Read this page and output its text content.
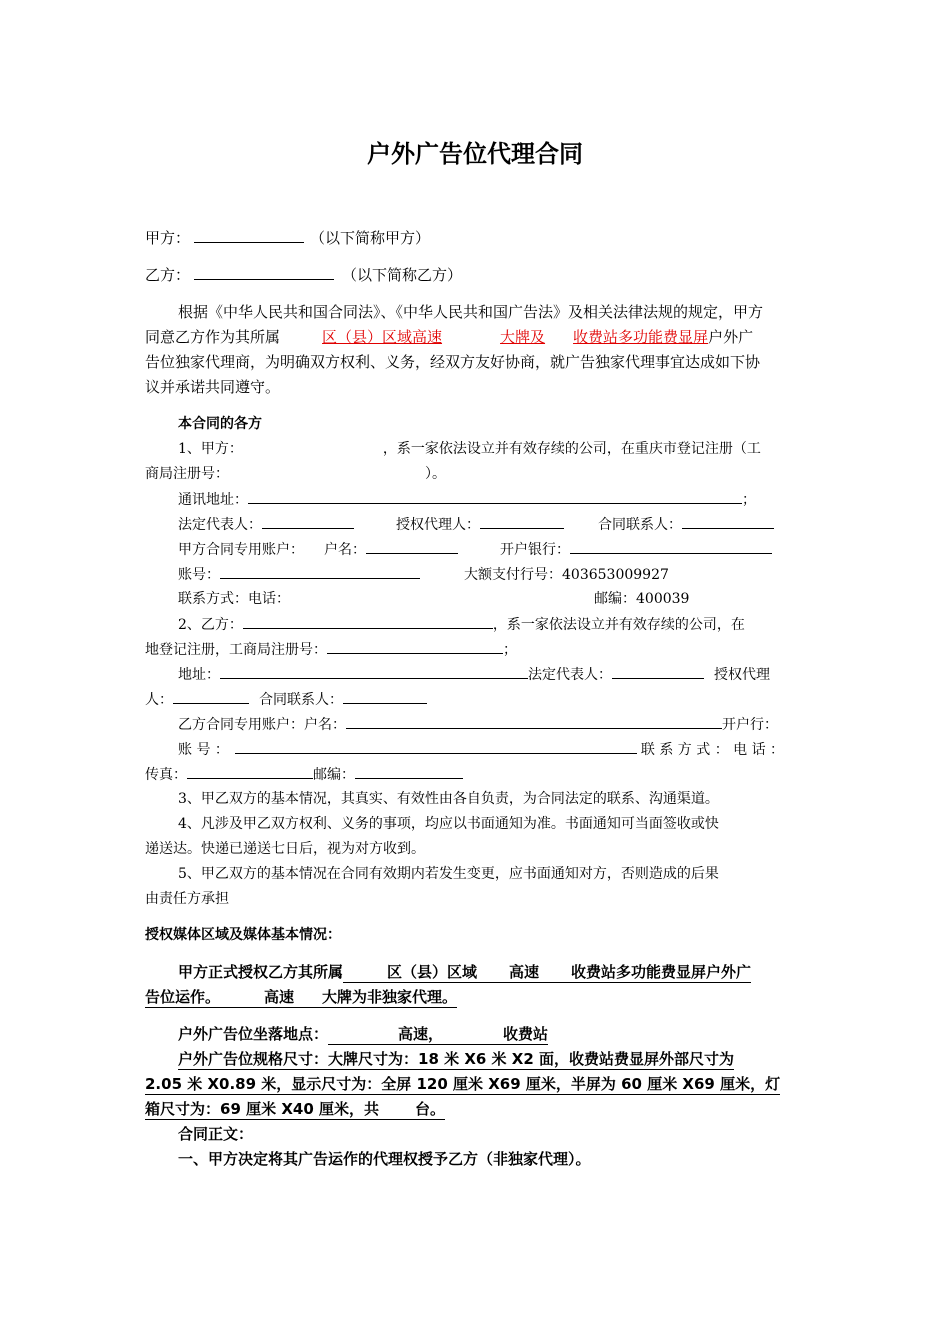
户外广告位代理合同
甲方：	（以下简称甲方）
乙方：	（以下简称乙方）
根据《中华人民共和国合同法》、《中华人民共和国广告法》及相关法律法规的规定，甲方
同意乙方作为其所属	区（县）区域高速	大牌及 收费站多功能费显屏户外广
告位独家代理商，为明确双方权利、义务，经双方友好协商，就广告独家代理事宜达成如下协
议并承诺共同遵守。
本合同的各方
1、甲方：	，系一家依法设立并有效存续的公司，在重庆市登记注册（工
商局注册号：	）。
通讯地址：	；
法定代表人：	授权代理人：	合同联系人：
甲方合同专用账户： 户名：	开户银行：
账号：	大额支付行号：403653009927
联系方式：电话：	邮编：400039
2、乙方：	，系一家依法设立并有效存续的公司，在
地登记注册，工商局注册号：	；
地址：	法定代表人：	授权代理
人：	合同联系人：
乙方合同专用账户：户名：	开户行：
账 号 ：	联 系 方 式 ： 电 话 ：
传真：	邮编：
3、甲乙双方的基本情况，其真实、有效性由各自负责，为合同法定的联系、沟通渠道。
4、凡涉及甲乙双方权利、义务的事项，均应以书面通知为准。书面通知可当面签收或快
递送达。快递已递送七日后，视为对方收到。
5、甲乙双方的基本情况在合同有效期内若发生变更，应书面通知对方，否则造成的后果
由责任方承担
授权媒体区域及媒体基本情况：
甲方正式授权乙方其所属	区（县）区域 高速 收费站多功能费显屏户外广
告位运作。	高速 大牌为非独家代理。
户外广告位坐落地点：	高速，	收费站
户外广告位规格尺寸：大牌尺寸为：18 米 X6 米 X2 面，收费站费显屏外部尺寸为
2.05 米 X0.89 米，显示尺寸为：全屏 120 厘米 X69 厘米，半屏为 60 厘米 X69 厘米，灯
箱尺寸为：69 厘米 X40 厘米，共 台。
合同正文：
一、甲方决定将其广告运作的代理权授予乙方（非独家代理）。
